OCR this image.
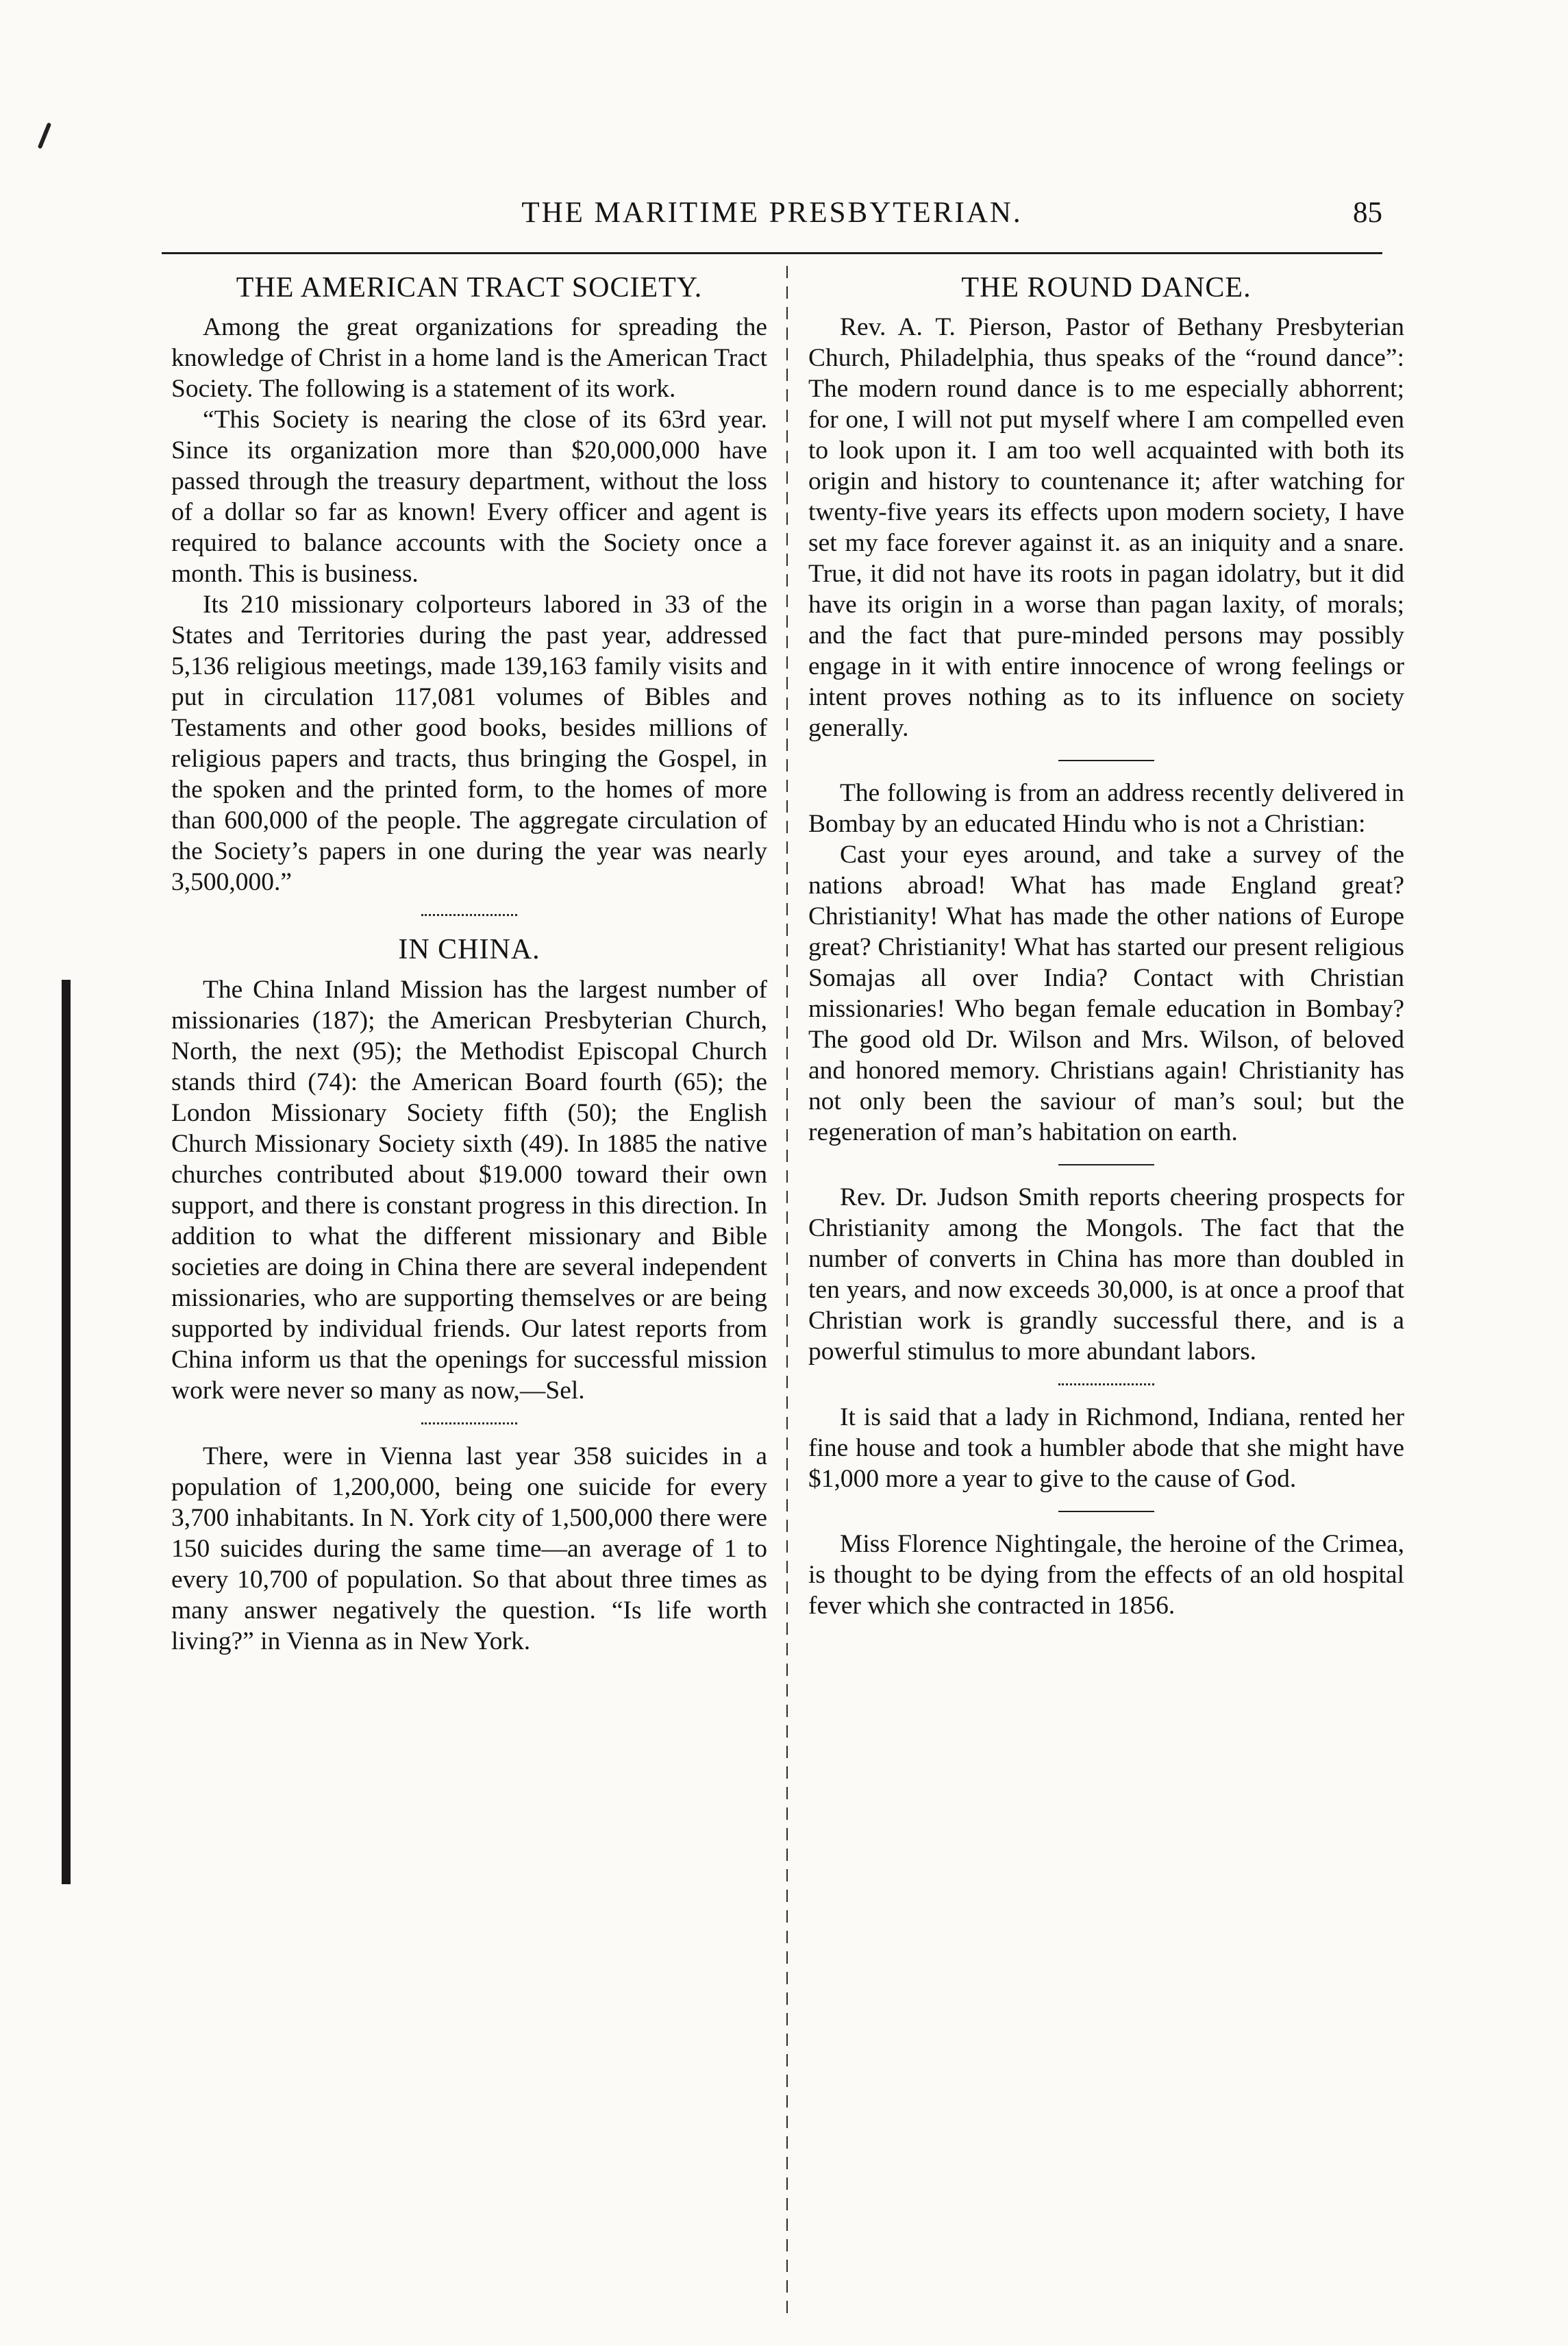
THE MARITIME PRESBYTERIAN.	85
THE AMERICAN TRACT SOCIETY.

Among the great organizations for spreading the knowledge of Christ in a home land is the American Tract Society. The following is a statement of its work.

“This Society is nearing the close of its 63rd year. Since its organization more than $20,000,000 have passed through the treasury department, without the loss of a dollar so far as known! Every officer and agent is required to balance accounts with the Society once a month. This is business.

Its 210 missionary colporteurs labored in 33 of the States and Territories during the past year, addressed 5,136 religious meetings, made 139,163 family visits and put in circulation 117,081 volumes of Bibles and Testaments and other good books, besides millions of religious papers and tracts, thus bringing the Gospel, in the spoken and the printed form, to the homes of more than 600,000 of the people. The aggregate circulation of the Society’s papers in one during the year was nearly 3,500,000.”

IN CHINA.

The China Inland Mission has the largest number of missionaries (187); the American Presbyterian Church, North, the next (95); the Methodist Episcopal Church stands third (74): the American Board fourth (65); the London Missionary Society fifth (50); the English Church Missionary Society sixth (49). In 1885 the native churches contributed about $19.000 toward their own support, and there is constant progress in this direction. In addition to what the different missionary and Bible societies are doing in China there are several independent missionaries, who are supporting themselves or are being supported by individual friends. Our latest reports from China inform us that the openings for successful mission work were never so many as now,—Sel.

There, were in Vienna last year 358 suicides in a population of 1,200,000, being one suicide for every 3,700 inhabitants. In N. York city of 1,500,000 there were 150 suicides during the same time—an average of 1 to every 10,700 of population. So that about three times as many answer negatively the question. “Is life worth living?” in Vienna as in New York.

THE ROUND DANCE.

Rev. A. T. Pierson, Pastor of Bethany Presbyterian Church, Philadelphia, thus speaks of the “round dance”: The modern round dance is to me especially abhorrent; for one, I will not put myself where I am compelled even to look upon it. I am too well acquainted with both its origin and history to countenance it; after watching for twenty-five years its effects upon modern society, I have set my face forever against it. as an iniquity and a snare. True, it did not have its roots in pagan idolatry, but it did have its origin in a worse than pagan laxity, of morals; and the fact that pure-minded persons may possibly engage in it with entire innocence of wrong feelings or intent proves nothing as to its influence on society generally.

The following is from an address recently delivered in Bombay by an educated Hindu who is not a Christian:

Cast your eyes around, and take a survey of the nations abroad! What has made England great? Christianity! What has made the other nations of Europe great? Christianity! What has started our present religious Somajas all over India? Contact with Christian missionaries! Who began female education in Bombay? The good old Dr. Wilson and Mrs. Wilson, of beloved and honored memory. Christians again! Christianity has not only been the saviour of man’s soul; but the regeneration of man’s habitation on earth.

Rev. Dr. Judson Smith reports cheering prospects for Christianity among the Mongols. The fact that the number of converts in China has more than doubled in ten years, and now exceeds 30,000, is at once a proof that Christian work is grandly successful there, and is a powerful stimulus to more abundant labors.

It is said that a lady in Richmond, Indiana, rented her fine house and took a humbler abode that she might have $1,000 more a year to give to the cause of God.

Miss Florence Nightingale, the heroine of the Crimea, is thought to be dying from the effects of an old hospital fever which she contracted in 1856.
